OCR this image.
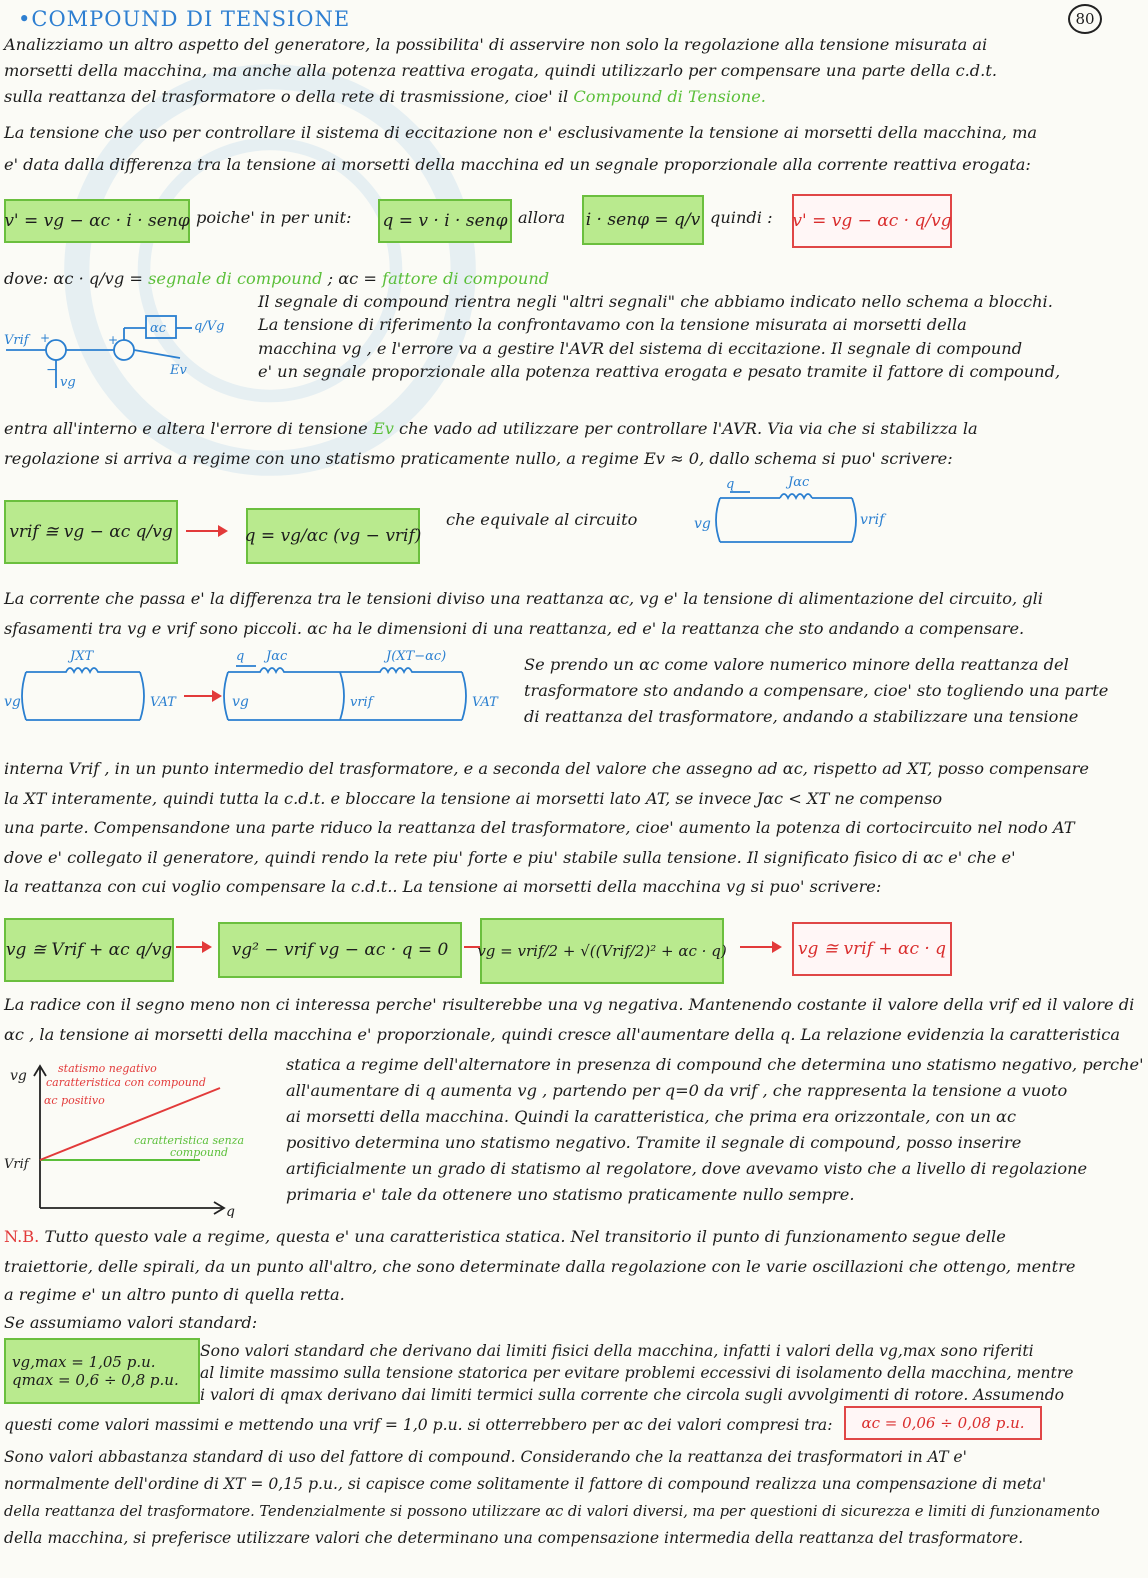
•COMPOUND DI TENSIONE	80
Analizziamo un altro aspetto del generatore, la possibilita' di asservire non solo la regolazione alla tensione misurata ai
morsetti della macchina, ma anche alla potenza reattiva erogata, quindi utilizzarlo per compensare una parte della c.d.t.
sulla reattanza del trasformatore o della rete di trasmissione, cioe' il Compound di Tensione.
La tensione che uso per controllare il sistema di eccitazione non e' esclusivamente la tensione ai morsetti della macchina, ma
e' data dalla differenza tra la tensione ai morsetti della macchina ed un segnale proporzionale alla corrente reattiva erogata:
v' = vg − αc · i · senφ poiche' in per unit: q = v · i · senφ allora i · senφ = q/v quindi : v' = vg − αc · q/vg
dove: αc · q/vg = segnale di compound ; αc = fattore di compound
Vrif +
−
vg
+
αc q/Vg
Ev
Il segnale di compound rientra negli "altri segnali" che abbiamo indicato nello schema a blocchi.
La tensione di riferimento la confrontavamo con la tensione misurata ai morsetti della
macchina vg , e l'errore va a gestire l'AVR del sistema di eccitazione. Il segnale di compound
e' un segnale proporzionale alla potenza reattiva erogata e pesato tramite il fattore di compound,
entra all'interno e altera l'errore di tensione Ev che vado ad utilizzare per controllare l'AVR. Via via che si stabilizza la
regolazione si arriva a regime con uno statismo praticamente nullo, a regime Ev ≈ 0, dallo schema si puo' scrivere:
vrif ≅ vg − αc q/vg	q = vg/αc (vg − vrif)
che equivale al circuito
q	Jαc
vg	vrif
La corrente che passa e' la differenza tra le tensioni diviso una reattanza αc, vg e' la tensione di alimentazione del circuito, gli
sfasamenti tra vg e vrif sono piccoli. αc ha le dimensioni di una reattanza, ed e' la reattanza che sto andando a compensare.
JXT
vg	VAT
q Jαc	J(XT−αc)
vg	vrif	VAT
Se prendo un αc come valore numerico minore della reattanza del
trasformatore sto andando a compensare, cioe' sto togliendo una parte
di reattanza del trasformatore, andando a stabilizzare una tensione
interna Vrif , in un punto intermedio del trasformatore, e a seconda del valore che assegno ad αc, rispetto ad XT, posso compensare
la XT interamente, quindi tutta la c.d.t. e bloccare la tensione ai morsetti lato AT, se invece Jαc < XT ne compenso
una parte. Compensandone una parte riduco la reattanza del trasformatore, cioe' aumento la potenza di cortocircuito nel nodo AT
dove e' collegato il generatore, quindi rendo la rete piu' forte e piu' stabile sulla tensione. Il significato fisico di αc e' che e'
la reattanza con cui voglio compensare la c.d.t.. La tensione ai morsetti della macchina vg si puo' scrivere:
vg ≅ Vrif + αc q/vg	vg² − vrif vg − αc · q = 0	vg = vrif/2 + √((Vrif/2)² + αc · q)	vg ≅ vrif + αc · q
La radice con il segno meno non ci interessa perche' risulterebbe una vg negativa. Mantenendo costante il valore della vrif ed il valore di
αc , la tensione ai morsetti della macchina e' proporzionale, quindi cresce all'aumentare della q. La relazione evidenzia la caratteristica
vg
q
Vrif
statismo negativo
caratteristica con compound
αc positivo
caratteristica senza
compound
statica a regime dell'alternatore in presenza di compound che determina uno statismo negativo, perche'
all'aumentare di q aumenta vg , partendo per q=0 da vrif , che rappresenta la tensione a vuoto
ai morsetti della macchina. Quindi la caratteristica, che prima era orizzontale, con un αc
positivo determina uno statismo negativo. Tramite il segnale di compound, posso inserire
artificialmente un grado di statismo al regolatore, dove avevamo visto che a livello di regolazione
primaria e' tale da ottenere uno statismo praticamente nullo sempre.
N.B. Tutto questo vale a regime, questa e' una caratteristica statica. Nel transitorio il punto di funzionamento segue delle
traiettorie, delle spirali, da un punto all'altro, che sono determinate dalla regolazione con le varie oscillazioni che ottengo, mentre
a regime e' un altro punto di quella retta.
Se assumiamo valori standard:
vg,max = 1,05 p.u.
qmax = 0,6 ÷ 0,8 p.u.
Sono valori standard che derivano dai limiti fisici della macchina, infatti i valori della vg,max sono riferiti
al limite massimo sulla tensione statorica per evitare problemi eccessivi di isolamento della macchina, mentre
i valori di qmax derivano dai limiti termici sulla corrente che circola sugli avvolgimenti di rotore. Assumendo
questi come valori massimi e mettendo una vrif = 1,0 p.u. si otterrebbero per αc dei valori compresi tra:	αc = 0,06 ÷ 0,08 p.u.
Sono valori abbastanza standard di uso del fattore di compound. Considerando che la reattanza dei trasformatori in AT e'
normalmente dell'ordine di XT = 0,15 p.u., si capisce come solitamente il fattore di compound realizza una compensazione di meta'
della reattanza del trasformatore. Tendenzialmente si possono utilizzare αc di valori diversi, ma per questioni di sicurezza e limiti di funzionamento
della macchina, si preferisce utilizzare valori che determinano una compensazione intermedia della reattanza del trasformatore.
